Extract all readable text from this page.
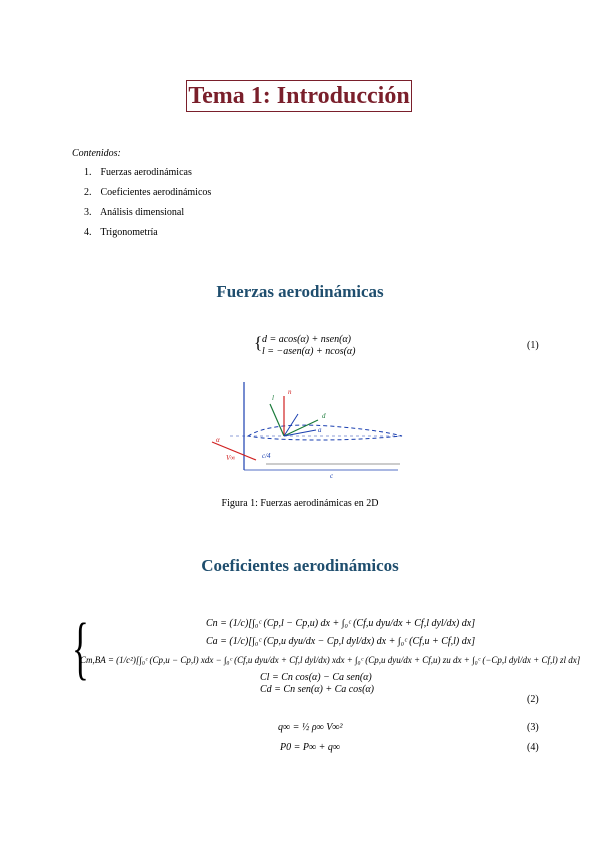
Tema 1: Introducción
Contenidos:
1. Fuerzas aerodinámicas
2. Coeficientes aerodinámicos
3. Análisis dimensional
4. Trigonometría
Fuerzas aerodinámicas
{ d = acos(α) + nsen(α)
l = −asen(α) + ncos(α)
(1)
l
d
n
a
α
V∞	c/4
c
Figura 1: Fuerzas aerodinámicas en 2D
Coeficientes aerodinámicos
{	Cn = (1/c)[∫₀ᶜ (Cp,l − Cp,u) dx + ∫₀ᶜ (Cf,u dyu/dx + Cf,l dyl/dx) dx]
Ca = (1/c)[∫₀ᶜ (Cp,u dyu/dx − Cp,l dyl/dx) dx + ∫₀ᶜ (Cf,u + Cf,l) dx]
Cm,BA = (1/c²)[∫₀ᶜ (Cp,u − Cp,l) xdx − ∫₀ᶜ (Cf,u dyu/dx + Cf,l dyl/dx) xdx + ∫₀ᶜ (Cp,u dyu/dx + Cf,u) zu dx + ∫₀ᶜ (−Cp,l dyl/dx + Cf,l) zl dx]
Cl = Cn cos(α) − Ca sen(α)
Cd = Cn sen(α) + Ca cos(α)
(2)
q∞ = ½ ρ∞ V∞²	(3)
P0 = P∞ + q∞	(4)
